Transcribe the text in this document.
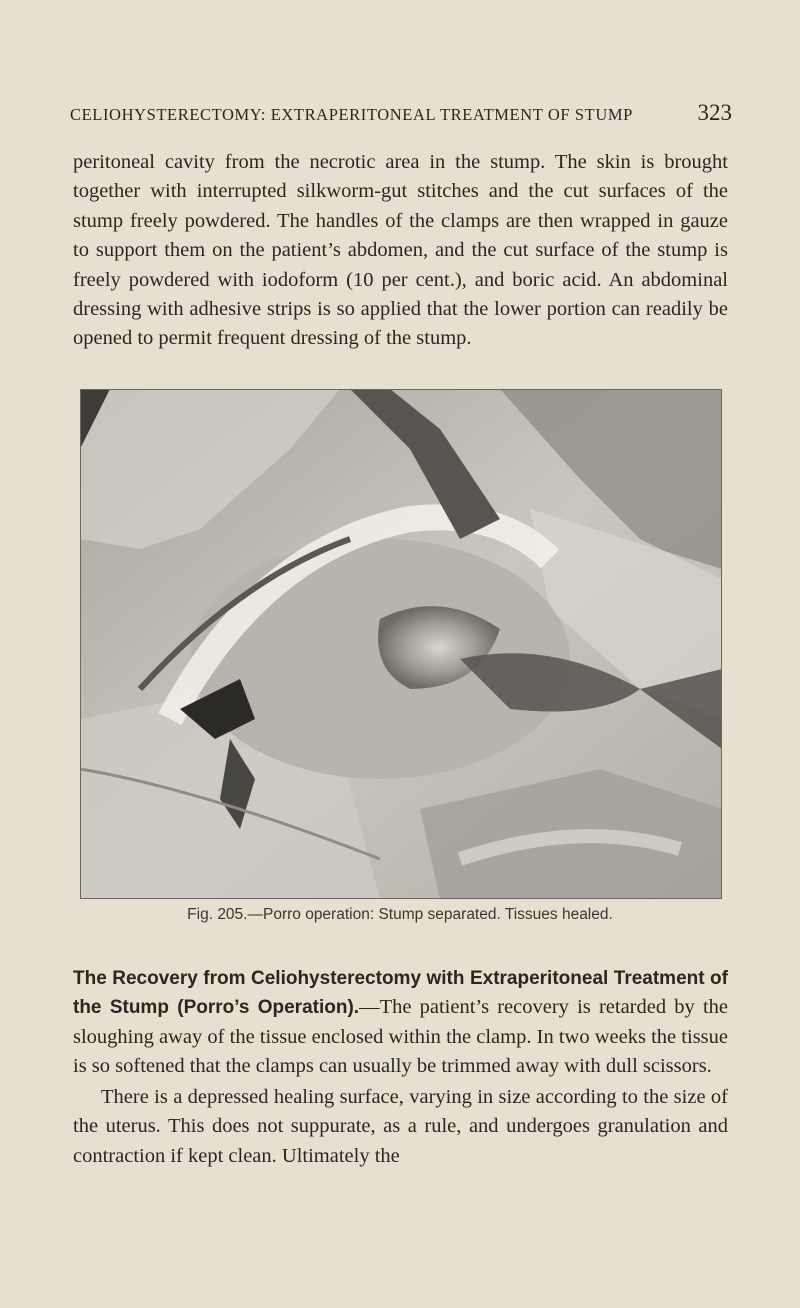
CELIOHYSTERECTOMY: EXTRAPERITONEAL TREATMENT OF STUMP	323

peritoneal cavity from the necrotic area in the stump. The skin is brought together with interrupted silkworm-gut stitches and the cut surfaces of the stump freely powdered. The handles of the clamps are then wrapped in gauze to support them on the patient’s abdomen, and the cut surface of the stump is freely powdered with iodoform (10 per cent.), and boric acid. An abdominal dressing with adhesive strips is so applied that the lower portion can readily be opened to permit frequent dressing of the stump.

Fig. 205.—Porro operation: Stump separated. Tissues healed.

The Recovery from Celiohysterectomy with Extraperitoneal Treatment of the Stump (Porro’s Operation).—The patient’s recovery is retarded by the sloughing away of the tissue enclosed within the clamp. In two weeks the tissue is so softened that the clamps can usually be trimmed away with dull scissors.

There is a depressed healing surface, varying in size according to the size of the uterus. This does not suppurate, as a rule, and undergoes granulation and contraction if kept clean. Ultimately the
